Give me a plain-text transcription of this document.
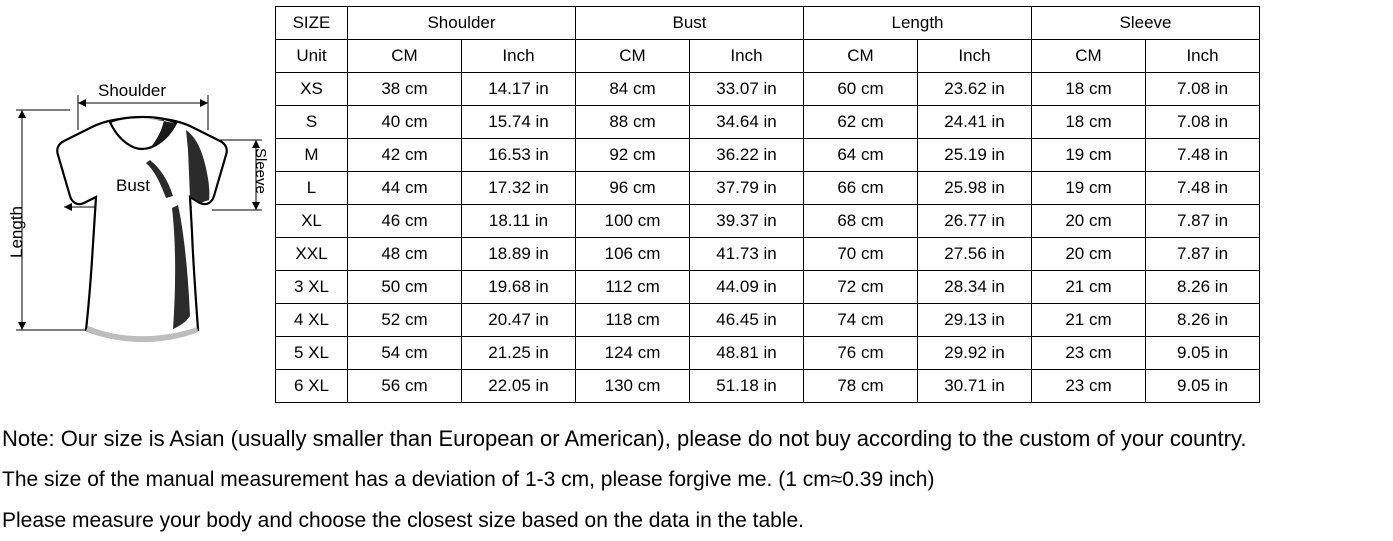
Shoulder
Bust
Length
Sleeve
SIZE	Shoulder		Bust		Length		Sleeve	
Unit	CM	Inch	CM	Inch	CM	Inch	CM	Inch
XS	38 cm	14.17 in	84 cm	33.07 in	60 cm	23.62 in	18 cm	7.08 in
S	40 cm	15.74 in	88 cm	34.64 in	62 cm	24.41 in	18 cm	7.08 in
M	42 cm	16.53 in	92 cm	36.22 in	64 cm	25.19 in	19 cm	7.48 in
L	44 cm	17.32 in	96 cm	37.79 in	66 cm	25.98 in	19 cm	7.48 in
XL	46 cm	18.11 in	100 cm	39.37 in	68 cm	26.77 in	20 cm	7.87 in
XXL	48 cm	18.89 in	106 cm	41.73 in	70 cm	27.56 in	20 cm	7.87 in
3 XL	50 cm	19.68 in	112 cm	44.09 in	72 cm	28.34 in	21 cm	8.26 in
4 XL	52 cm	20.47 in	118 cm	46.45 in	74 cm	29.13 in	21 cm	8.26 in
5 XL	54 cm	21.25 in	124 cm	48.81 in	76 cm	29.92 in	23 cm	9.05 in
6 XL	56 cm	22.05 in	130 cm	51.18 in	78 cm	30.71 in	23 cm	9.05 in

Note: Our size is Asian (usually smaller than European or American), please do not buy according to the custom of your country.

The size of the manual measurement has a deviation of 1-3 cm, please forgive me. (1 cm≈0.39 inch)

Please measure your body and choose the closest size based on the data in the table.
